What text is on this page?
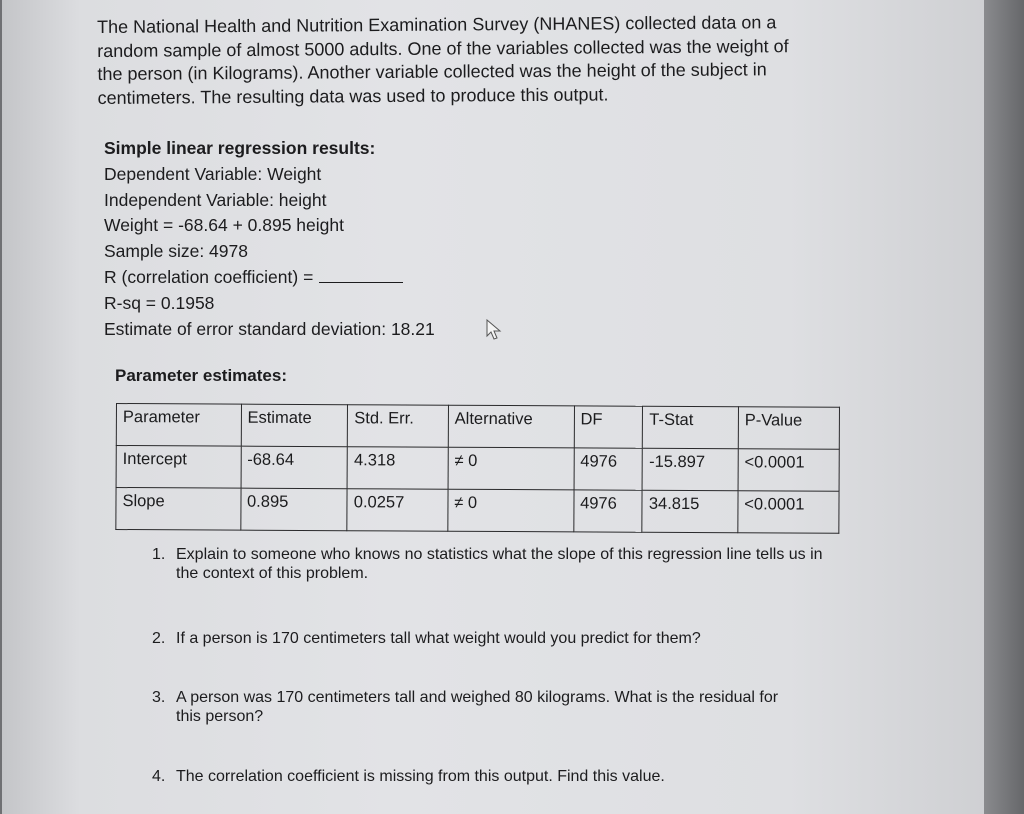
The National Health and Nutrition Examination Survey (NHANES) collected data on a

random sample of almost 5000 adults. One of the variables collected was the weight of

the person (in Kilograms). Another variable collected was the height of the subject in

centimeters. The resulting data was used to produce this output.

Simple linear regression results:
Dependent Variable: Weight
Independent Variable: height
Weight = -68.64 + 0.895 height
Sample size: 4978
R (correlation coefficient) =
R-sq = 0.1958
Estimate of error standard deviation: 18.21
Parameter estimates:
Parameter	Estimate	Std. Err.	Alternative	DF	T-Stat	P-Value
Intercept	-68.64	4.318	≠ 0	4976	-15.897	<0.0001
Slope	0.895	0.0257	≠ 0	4976	34.815	<0.0001
1. Explain to someone who knows no statistics what the slope of this regression line tells us in the context of this problem.
2. If a person is 170 centimeters tall what weight would you predict for them?
3. A person was 170 centimeters tall and weighed 80 kilograms. What is the residual for this person?
4. The correlation coefficient is missing from this output. Find this value.
